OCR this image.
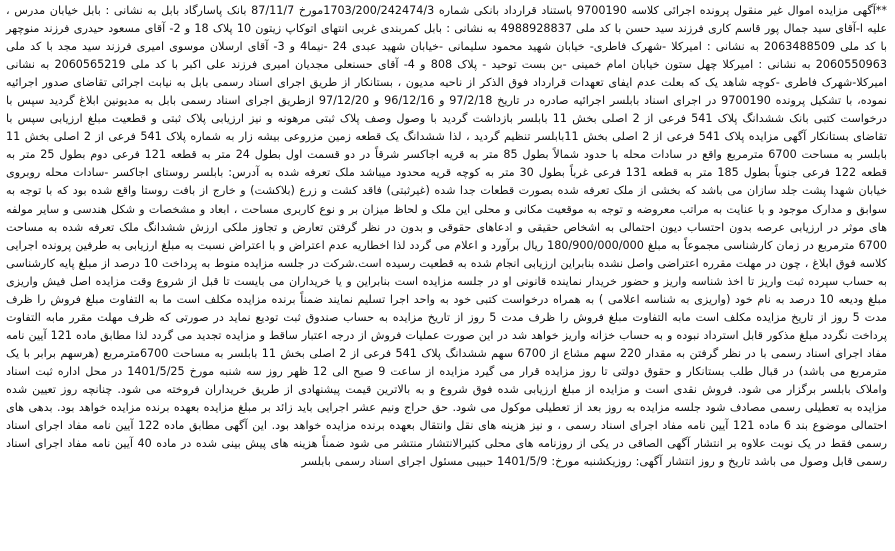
**آگهی مزایده اموال غیر منقول پرونده اجرائی کلاسه 9700190 باستناد قرارداد بانکی شماره 1703/200/242474/3مورخ 87/11/7 بانک پاسارگاد بابل به نشانی : بابل خیابان مدرس ، علیه ا-آقای سید جمال پور قاسم کاری فرزند سید حسن با کد ملی 4988928837 به نشانی : بابل کمربندی غربی انتهای اتوکاپ زیتون 10 پلاک 18 و 2- آقای مسعود حیدری فرزند منوچهر با کد ملی 2063488509 به نشانی : امیرکلا -شهرک فاطری- خیابان شهید محمود سلیمانی -خیابان شهید عبدی 24 -نیما4 و 3- آقای ارسلان موسوی امیری فرزند سید مجد با کد ملی 2060550963 به نشانی : امیرکلا چهل ستون خیابان امام خمینی -بن بست توحید - پلاک 808 و 4- آقای حسنعلی مجدیان امیری فرزند علی اکبر با کد ملی 2060565219 به نشانی امیرکلا-شهرک فاطری -کوچه شاهد یک که بعلت عدم ایفای تعهدات قرارداد فوق الذکر از ناحیه مدیون ، بستانکار از طریق اجرای اسناد رسمی بابل به نیابت اجرائی تقاضای صدور اجرائیه نموده، با تشکیل پرونده 9700190 در اجرای اسناد بابلسر اجرائیه صادره در تاریخ 97/2/18 و 96/12/16 و 97/12/20 ازطریق اجرای اسناد رسمی بابل به مدیونین ابلاغ گردید سپس با درخواست کتبی بانک ششدانگ پلاک 541 فرعی از 2 اصلی بخش 11 بابلسر بازداشت گردید با وصول وصف پلاک ثبتی مرهونه و نیز ارزیابی پلاک ثبتی و قطعیت مبلغ ارزیابی سپس با تقاضای بستانکار آگهی مزایده پلاک 541 فرعی از 2 اصلی بخش 11بابلسر تنظیم گردید ، لذا ششدانگ یک قطعه زمین مزروعی بیشه زار به شماره پلاک 541 فرعی از 2 اصلی بخش 11 بابلسر به مساحت 6700 مترمربع واقع در سادات محله با حدود شمالاً بطول 85 متر به قریه اجاکسر شرقاً در دو قسمت اول بطول 24 متر به قطعه 121 فرعی دوم بطول 25 متر به قطعه 122 فرعی جنوباً بطول 185 متر به قطعه 131 فرعی غرباً بطول 30 متر به کوچه قریه محدود میباشد ملک تعرفه شده به آدرس: بابلسر روستای اجاکسر -سادات محله روبروی خیابان شهدا پشت جلد سازان می باشد که بخشی از ملک تعرفه شده بصورت قطعات جدا شده (غیرثبتی) فاقد کشت و زرع (بلاکشت) و خارج از بافت روستا واقع شده بود که با توجه به سوابق و مدارک موجود و با عنایت به مراتب معروضه و توجه به موقعیت مکانی و محلی این ملک و لحاظ میزان بر و نوع کاربری مساحت ، ابعاد و مشخصات و شکل هندسی و سایر مولفه های موثر در ارزیابی عرصه بدون احتساب دیون احتمالی به اشخاص حقیقی و ادعاهای حقوقی و بدون در نظر گرفتن تعارض و تجاوز ملکی ارزش ششدانگ ملک تعرفه شده به مساحت 6700 مترمربع در زمان کارشناسی مجموعاً به مبلغ 180/900/000/000 ریال برآورد و اعلام می گردد لذا اخطاریه عدم اعتراض و با اعتراض نسبت به مبلغ ارزیابی به طرفین پرونده اجرایی کلاسه فوق ابلاغ ، چون در مهلت مقرره اعتراضی واصل نشده بنابراین ارزیابی انجام شده به قطعیت رسیده است.شرکت در جلسه مزایده منوط به پرداخت 10 درصد از مبلغ پایه کارشناسی به حساب سپرده ثبت واریز تا اخذ شناسه واریز و حضور خریدار نماینده قانونی او در جلسه مزایده است بنابراین و یا خریداران می بایست تا قبل از شروع وقت مزایده اصل فیش واریزی مبلغ ودیعه 10 درصد به نام خود (واریزی به شناسه اعلامی ) به همراه درخواست کتبی خود به واحد اجرا تسلیم نمایند ضمناً برنده مزایده مکلف است ما به التفاوت مبلغ فروش را ظرف مدت 5 روز از تاریخ مزایده مکلف است مابه التفاوت مبلغ فروش را ظرف مدت 5 روز از تاریخ مزایده به حساب صندوق ثبت تودیع نماید در صورتی که ظرف مهلت مقرر مابه التفاوت پرداخت نگردد مبلغ مذکور قابل استرداد نبوده و به حساب خزانه واریز خواهد شد در این صورت عملیات فروش از درجه اعتبار ساقط و مزایده تجدید می گردد لذا مطابق ماده 121 آیین نامه مفاد اجرای اسناد رسمی با در نظر گرفتن به مقدار 220 سهم مشاع از 6700 سهم ششدانگ پلاک 541 فرعی از 2 اصلی بخش 11 بابلسر به مساحت 6700مترمربع (هرسهم برابر با یک مترمربع می باشد) در قبال طلب بستانکار و حقوق دولتی تا روز مزایده قرار می گیرد مزایده از ساعت 9 صبح الی 12 ظهر روز سه شنبه مورخ 1401/5/25 در محل اداره ثبت اسناد واملاک بابلسر برگزار می شود. فروش نقدی است و مزایده از مبلغ ارزیابی شده فوق شروع و به بالاترین قیمت پیشنهادی از طریق خریداران فروخته می شود. چنانچه روز تعیین شده مزایده به تعطیلی رسمی مصادف شود جلسه مزایده به روز بعد از تعطیلی موکول می شود. حق حراج ونیم عشر اجرایی باید زائد بر مبلغ مزایده بعهده برنده مزایده خواهد بود. بدهی های احتمالی موضوع بند 6 ماده 121 آیین نامه مفاد اجرای اسناد رسمی ، و نیز هزینه های نقل وانتقال بعهده برنده مزایده خواهد بود. این آگهی مطابق ماده 122 آیین نامه مفاد اجرای اسناد رسمی فقط در یک نوبت علاوه بر انتشار آگهی الصاقی در یکی از روزنامه های محلی کثیرالانتشار منتشر می شود ضمناً هزینه های پیش بینی شده در ماده 40 آیین نامه مفاد اجرای اسناد رسمی قابل وصول می باشد تاریخ و روز انتشار آگهی: روزیکشنبه مورخ: 1401/5/9 حبیبی مسئول اجرای اسناد رسمی بابلسر
